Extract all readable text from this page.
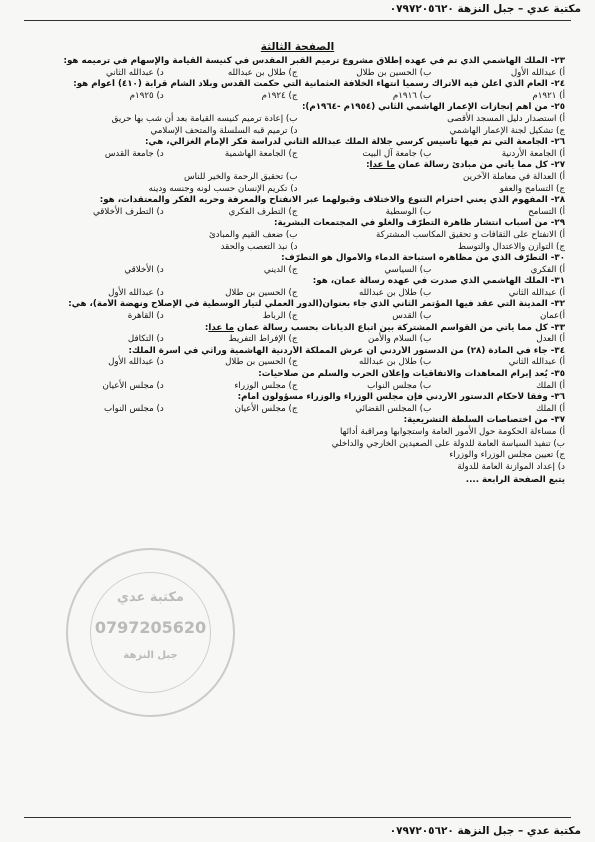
مكتبة عدي – جبل النزهة ٠٧٩٧٢٠٥٦٢٠
الصفحة الثالثة
٢٣- الملك الهاشمي الذي تم في عهده إطلاق مشروع ترميم القبر المقدس في كنيسة القيامة والإسهام في ترميمه هو:
أ) عبدالله الأول
ب) الحسين بن طلال
ج) طلال بن عبدالله
د) عبدالله الثاني
٢٤- العام الذي أعلن فيه الأتراك رسمياً انتهاء الخلافة العثمانية التي حكمت القدس وبلاد الشام قرابة (٤١٠) أعوام هو:
أ) ١٩٢١م
ب) ١٩١٦م
ج) ١٩٢٤م
د) ١٩٢٥م
٢٥- من أهم إنجازات الإعمار الهاشمي الثاني (١٩٥٤م -١٩٦٤م):
أ) استصدار دليل المسجد الأقصى
ب) إعادة ترميم كنيسه القيامة بعد أن شب بها حريق
ج) تشكيل لجنة الإعمار الهاشمي
د) ترميم قبه السلسلة والمتحف الإسلامي
٢٦- الجامعة التي تم فيها تأسيس كرسي جلالة الملك عبدالله الثاني لدراسة فكر الإمام الغزالي، هي:
أ) الجامعة الأردنية
ب) جامعة آل البيت
ج) الجامعة الهاشمية
د) جامعة القدس
٢٧- كل مما يأتي من مبادئ رسالة عمان ما عدا:
أ) العدالة في معاملة الآخرين
ب) تحقيق الرحمة والخير للناس
ج) التسامح والعفو
د) تكريم الإنسان حسب لونه وجنسه ودينه
٢٨- المفهوم الذي يعني احترام التنوع والاختلاف وقبولهما عبر الانفتاح والمعرفة وحريه الفكر والمعتقدات، هو:
أ) التسامح
ب) الوسطية
ج) التطرف الفكري
د) التطرف الأخلاقي
٢٩- من أسباب انتشار ظاهرة التطرّف والغلو في المجتمعات البشرية:
أ) الانفتاح على الثقافات و تحقيق المكاسب المشتركة
ب) ضعف القيم والمبادئ
ج) التوازن والاعتدال والتوسط
د) نبذ التعصب والحقد
٣٠- التطرّف الذي من مظاهره استباحة الدماء والأموال هو التطرّف:
أ) الفكري
ب) السياسي
ج) الديني
د) الأخلاقي
٣١- الملك الهاشمي الذي صدرت في عهده رسالة عمان، هو:
أ) عبدالله الثاني
ب) طلال بن عبدالله
ج) الحسين بن طلال
د) عبدالله الأول
٣٢- المدينة التي عقد فيها المؤتمر الثاني الذي جاء بعنوان(الدور العملي لتيار الوسطية في الإصلاح ونهضة الأمة)، هي:
أ)عمان
ب) القدس
ج) الرباط
د) القاهرة
٣٣- كل مما يأتي من القواسم المشتركة بين أتباع الديانات بحسب رسالة عمان ما عدا:
أ) العدل
ب) السلام والأمن
ج) الإفراط التفريط
د) التكافل
٣٤- جاء في المادة (٢٨) من الدستور الأردني أن عرش المملكة الأردنية الهاشمية وراثي في أسرة الملك:
أ) عبدالله الثاني
ب) طلال بن عبدالله
ج) الحسين بن طلال
د) عبدالله الأول
٣٥- يُعد إبرام المعاهدات والاتفاقيات وإعلان الحرب والسلم من صلاحيات:
أ) الملك
ب) مجلس النواب
ج) مجلس الوزراء
د) مجلس الأعيان
٣٦- وفقاً لأحكام الدستور الأردني فإن مجلس الوزراء والوزراء مسؤولون أمام:
أ) الملك
ب) المجلس القضائي
ج) مجلس الأعيان
د) مجلس النواب
٣٧- من اختصاصات السلطة التشريعية:
أ) مساءلة الحكومة حول الأمور العامة واستجوابها ومراقبة أدائها
ب) تنفيذ السياسة العامة للدولة على الصعيدين الخارجي والداخلي
ج) تعيين مجلس الوزراء والوزراء
د) إعداد الموازنة العامة للدولة
يتبع الصفحة الرابعة ....
مكتبة عدي
0797205620
جبل النزهة
مكتبة عدي – جبل النزهة ٠٧٩٧٢٠٥٦٢٠
